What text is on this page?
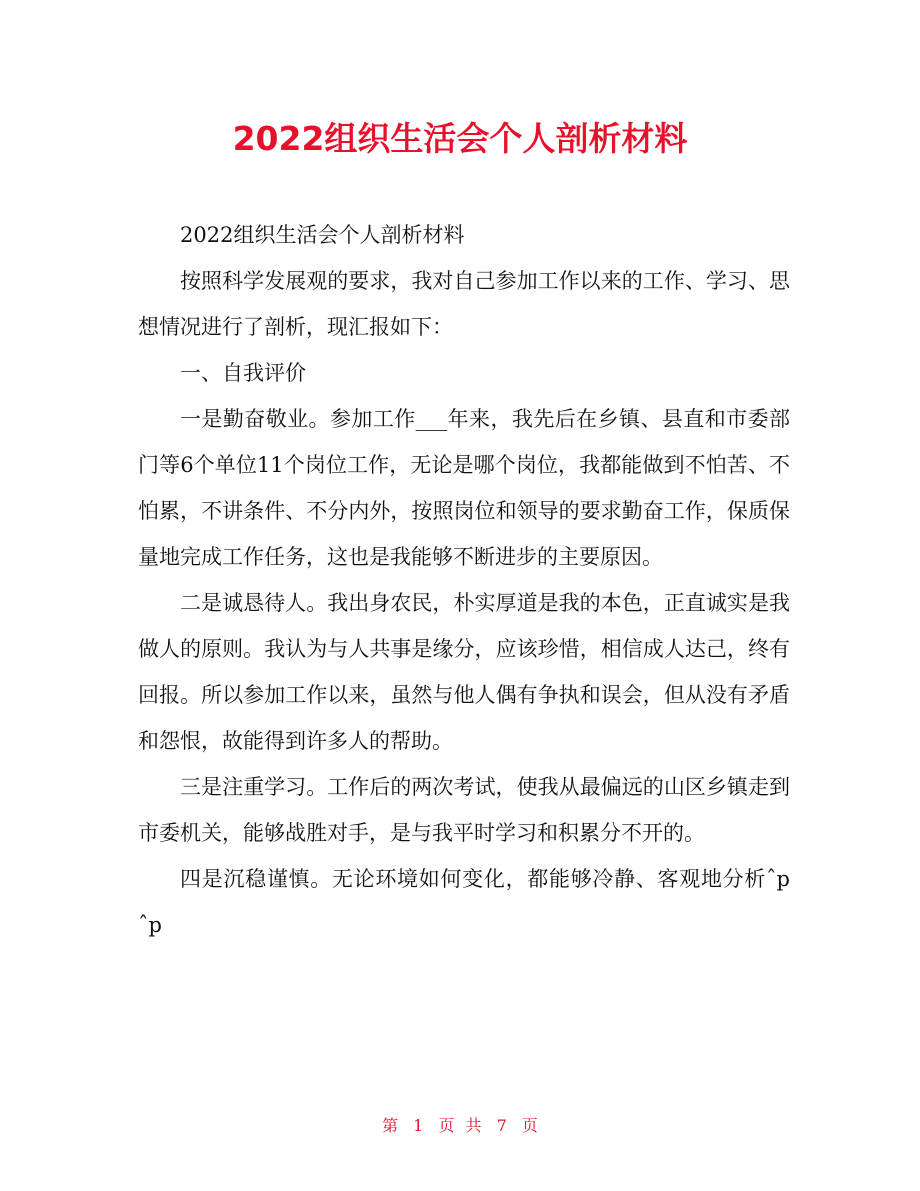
2022组织生活会个人剖析材料

2022组织生活会个人剖析材料

按照科学发展观的要求，我对自己参加工作以来的工作、学习、思想情况进行了剖析，现汇报如下：

一、自我评价

一是勤奋敬业。参加工作___年来，我先后在乡镇、县直和市委部门等6个单位11个岗位工作，无论是哪个岗位，我都能做到不怕苦、不怕累，不讲条件、不分内外，按照岗位和领导的要求勤奋工作，保质保量地完成工作任务，这也是我能够不断进步的主要原因。

二是诚恳待人。我出身农民，朴实厚道是我的本色，正直诚实是我做人的原则。我认为与人共事是缘分，应该珍惜，相信成人达己，终有回报。所以参加工作以来，虽然与他人偶有争执和误会，但从没有矛盾和怨恨，故能得到许多人的帮助。

三是注重学习。工作后的两次考试，使我从最偏远的山区乡镇走到市委机关，能够战胜对手，是与我平时学习和积累分不开的。

四是沉稳谨慎。无论环境如何变化，都能够冷静、客观地分析ˆp　　ˆp

第 1 页 共 7 页
